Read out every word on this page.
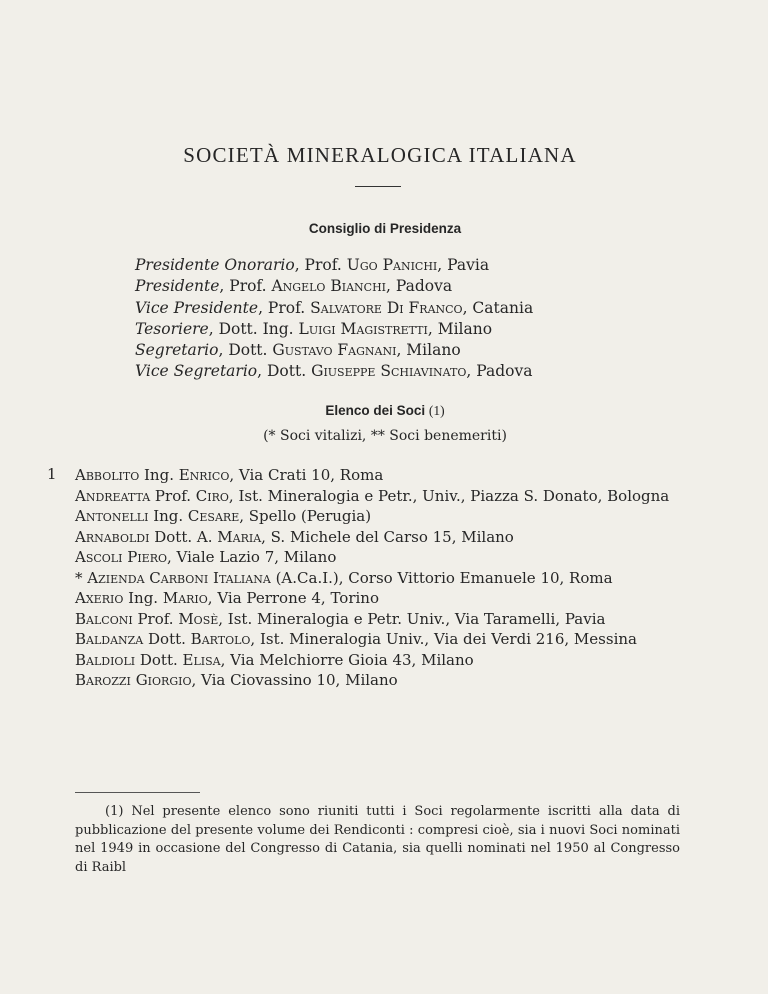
SOCIETÀ MINERALOGICA ITALIANA
Consiglio di Presidenza
Presidente Onorario, Prof. Ugo Panichi, Pavia
Presidente, Prof. Angelo Bianchi, Padova
Vice Presidente, Prof. Salvatore Di Franco, Catania
Tesoriere, Dott. Ing. Luigi Magistretti, Milano
Segretario, Dott. Gustavo Fagnani, Milano
Vice Segretario, Dott. Giuseppe Schiavinato, Padova
Elenco dei Soci (1)
(* Soci vitalizi, ** Soci benemeriti)
1 Abbolito Ing. Enrico, Via Crati 10, Roma
Andreatta Prof. Ciro, Ist. Mineralogia e Petr., Univ., Piazza S. Donato, Bologna
Antonelli Ing. Cesare, Spello (Perugia)
Arnaboldi Dott. A. Maria, S. Michele del Carso 15, Milano
Ascoli Piero, Viale Lazio 7, Milano
* Azienda Carboni Italiana (A.Ca.I.), Corso Vittorio Emanuele 10, Roma
Axerio Ing. Mario, Via Perrone 4, Torino
Balconi Prof. Mosè, Ist. Mineralogia e Petr. Univ., Via Taramelli, Pavia
Baldanza Dott. Bartolo, Ist. Mineralogia Univ., Via dei Verdi 216, Messina
Baldioli Dott. Elisa, Via Melchiorre Gioia 43, Milano
Barozzi Giorgio, Via Ciovassino 10, Milano
(1) Nel presente elenco sono riuniti tutti i Soci regolarmente iscritti alla data di pubblicazione del presente volume dei Rendiconti : compresi cioè, sia i nuovi Soci nominati nel 1949 in occasione del Congresso di Catania, sia quelli nominati nel 1950 al Congresso di Raibl
